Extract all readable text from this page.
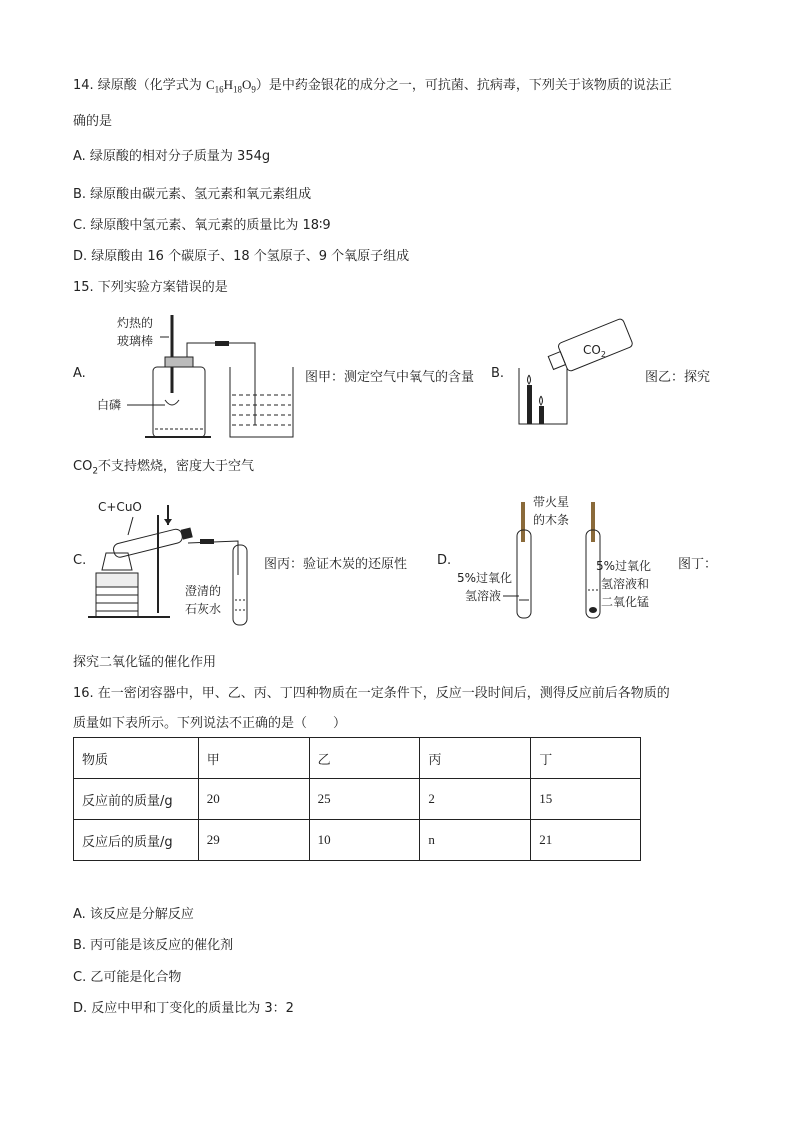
14. 绿原酸（化学式为 $C_{16}H_{18}O_9$）是中药金银花的成分之一，可抗菌、抗病毒，下列关于该物质的说法正
确的是
A. 绿原酸的相对分子质量为 354g
B. 绿原酸由碳元素、氢元素和氧元素组成
C. 绿原酸中氢元素、氧元素的质量比为 18∶9
D. 绿原酸由 16 个碳原子、18 个氢原子、9 个氧原子组成
15. 下列实验方案错误的是
A.
灼热的
玻璃棒
白磷
图甲：测定空气中氧气的含量 B.
$CO_2$
图乙：探究
$CO_2$不支持燃烧，密度大于空气
C.
C+CuO
澄清的
石灰水
图丙：验证木炭的还原性 D.
带火星
的木条
5%过氧化
氢溶液
5%过氧化
氢溶液和
二氧化锰
图丁：
探究二氧化锰的催化作用
16. 在一密闭容器中，甲、乙、丙、丁四种物质在一定条件下，反应一段时间后，测得反应前后各物质的
质量如下表所示。下列说法不正确的是（　　）
物质	甲	乙	丙	丁
反应前的质量/g	20	25	2	15
反应后的质量/g	29	10	n	21
A. 该反应是分解反应
B. 丙可能是该反应的催化剂
C. 乙可能是化合物
D. 反应中甲和丁变化的质量比为 3：2
